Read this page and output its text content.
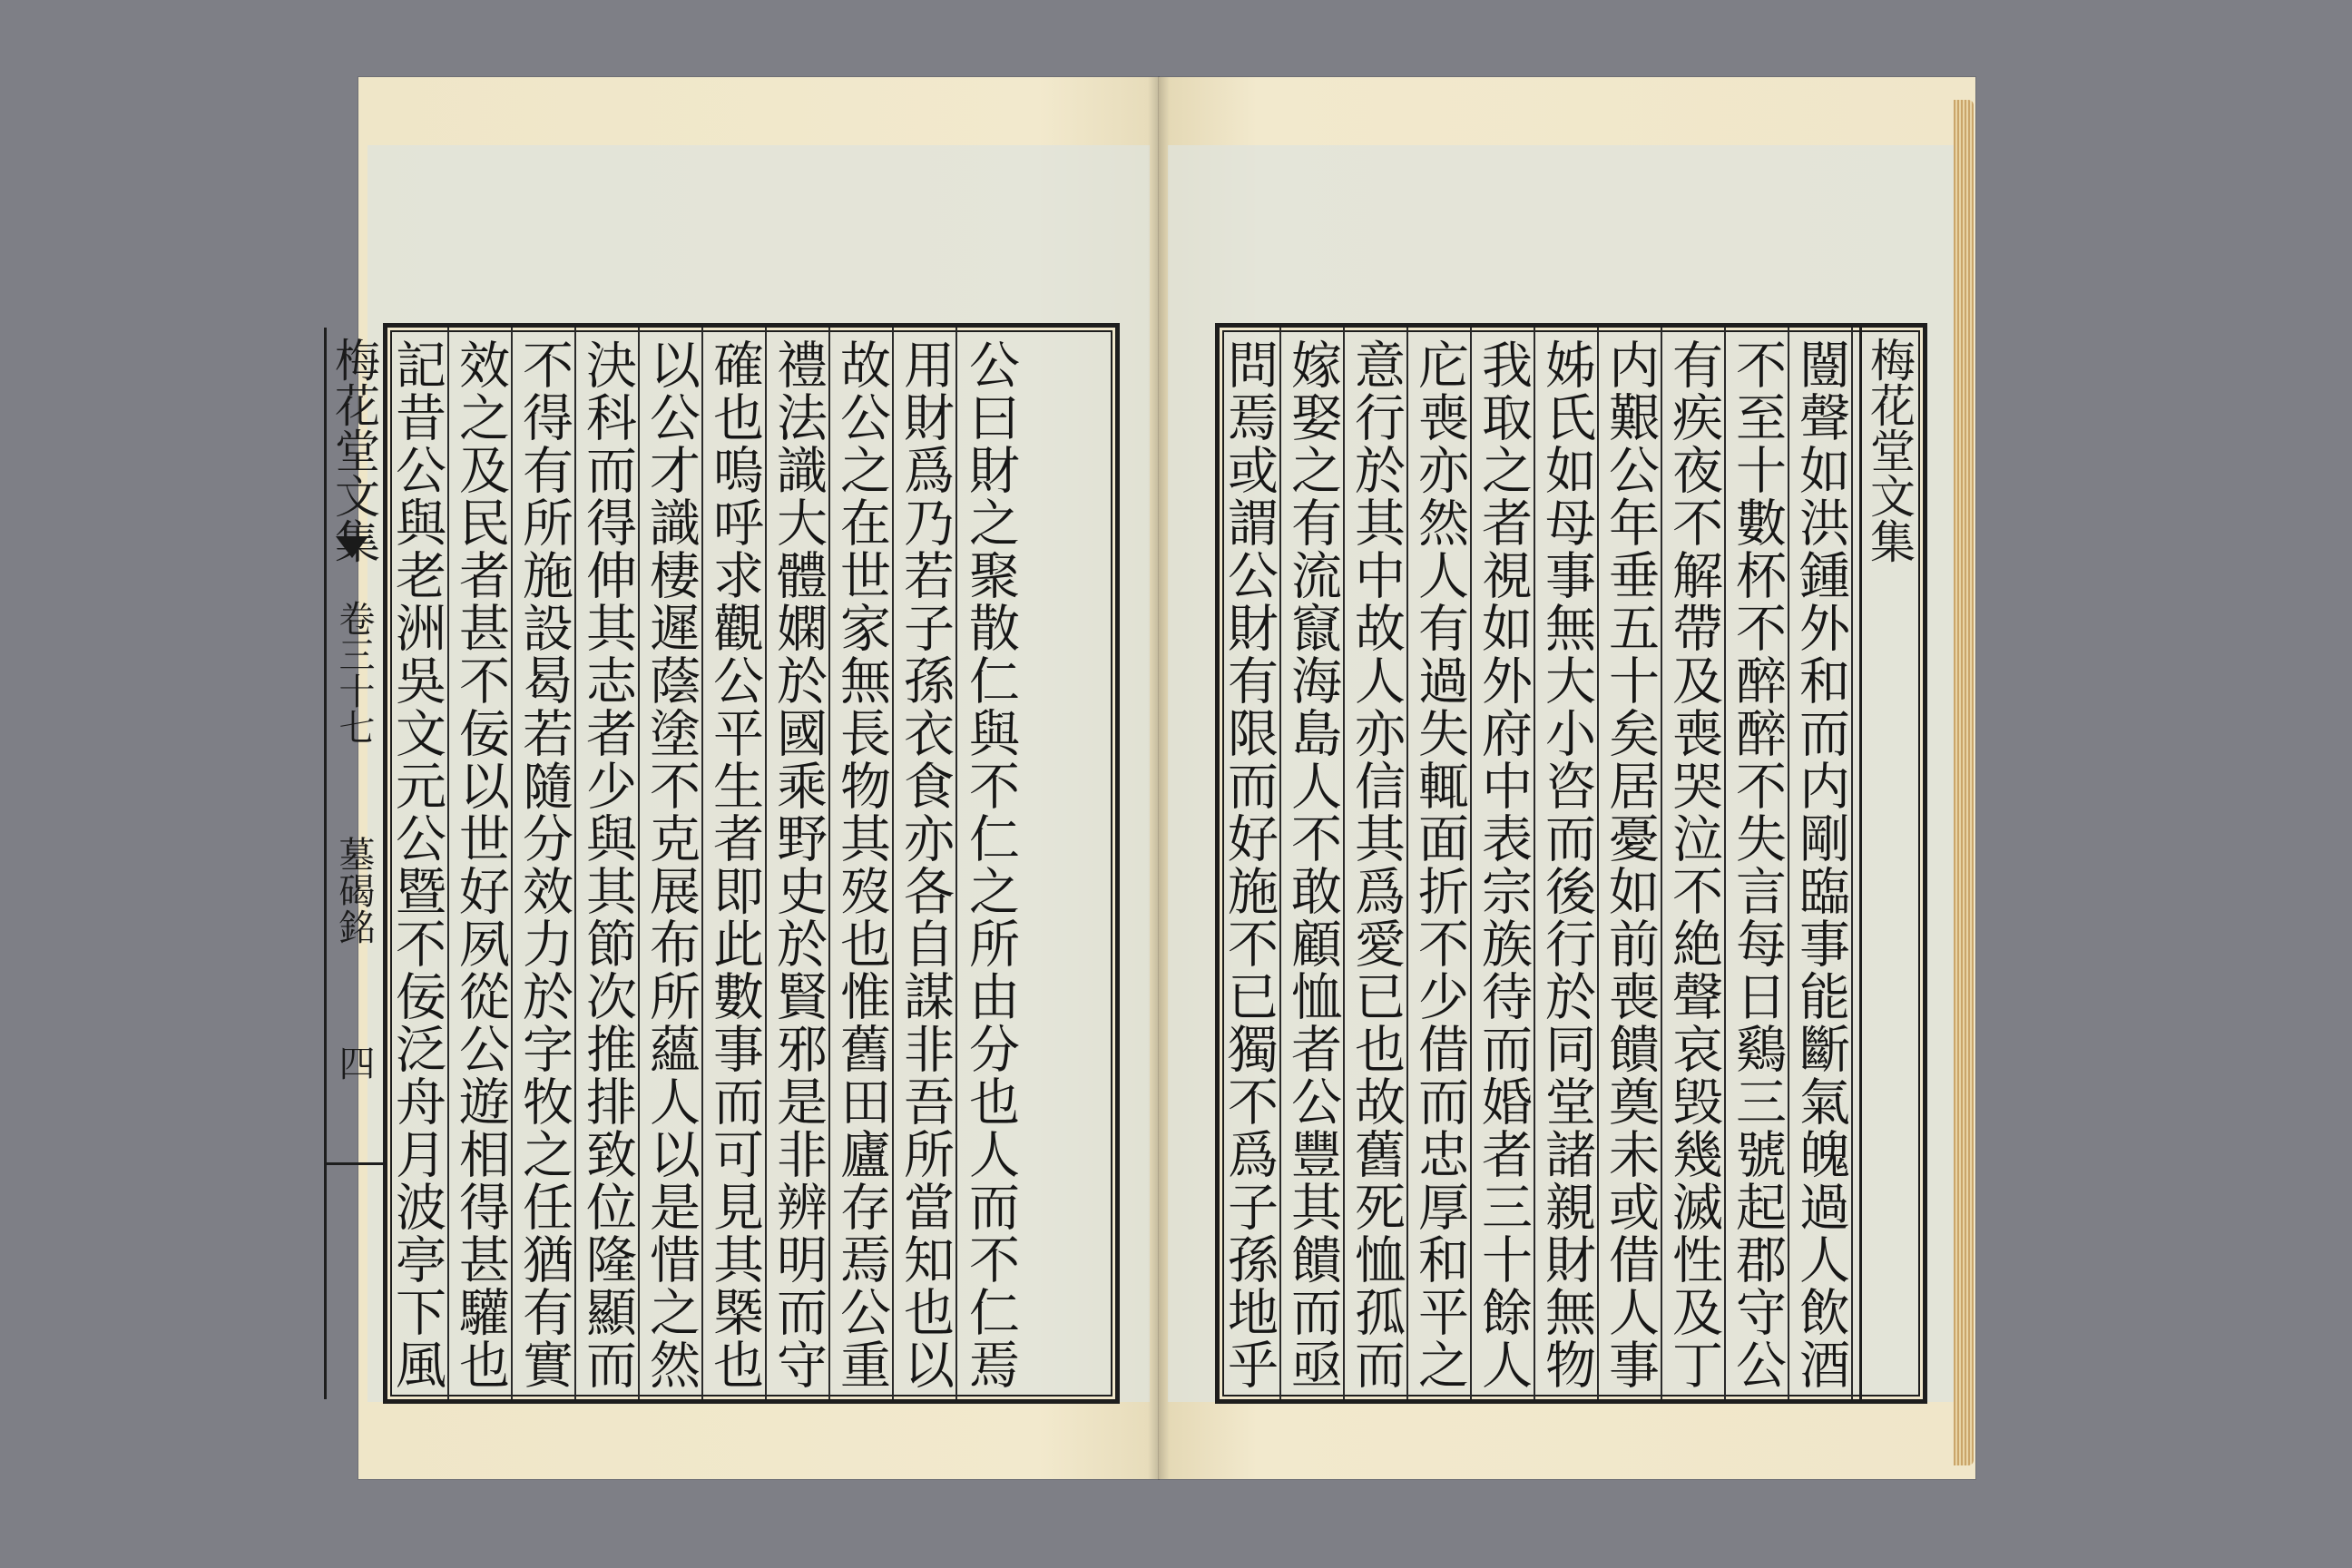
記昔公與老洲吳文元公暨不佞泛舟月波亭下風 效之及民者甚不佞以世好夙從公遊相得甚驩也 不得有所施設曷若隨分效力於字牧之任猶有實 決科而得伸其志者少與其節次推排致位隆顯而 以公才識棲遲蔭塗不克展布所蘊人以是惜之然 確也嗚呼求觀公平生者即此數事而可見其槩也 禮法識大體嫻於國乘野史於賢邪是非辨明而守 故公之在世家無長物其歿也惟舊田廬存焉公重 用財爲乃若子孫衣食亦各自謀非吾所當知也以 公曰財之聚散仁與不仁之所由分也人而不仁焉
梅花堂文集
卷三十七
墓碣銘
四	問焉或謂公財有限而好施不已獨不爲子孫地乎 嫁娶之有流竄海島人不敢顧恤者公豐其饋而亟 意行於其中故人亦信其爲愛已也故舊死恤孤而 庀喪亦然人有過失輒面折不少借而忠厚和平之 我取之者視如外府中表宗族待而婚者三十餘人 姊氏如母事無大小咨而後行於同堂諸親財無物 内艱公年垂五十矣居憂如前喪饋奠未或借人事 有疾夜不解帶及喪哭泣不絶聲哀毁幾滅性及丁 不至十數杯不醉醉不失言每日鷄三號起郡守公 闓聲如洪鍾外和而内剛臨事能斷氣魄過人飲酒 梅花堂文集
